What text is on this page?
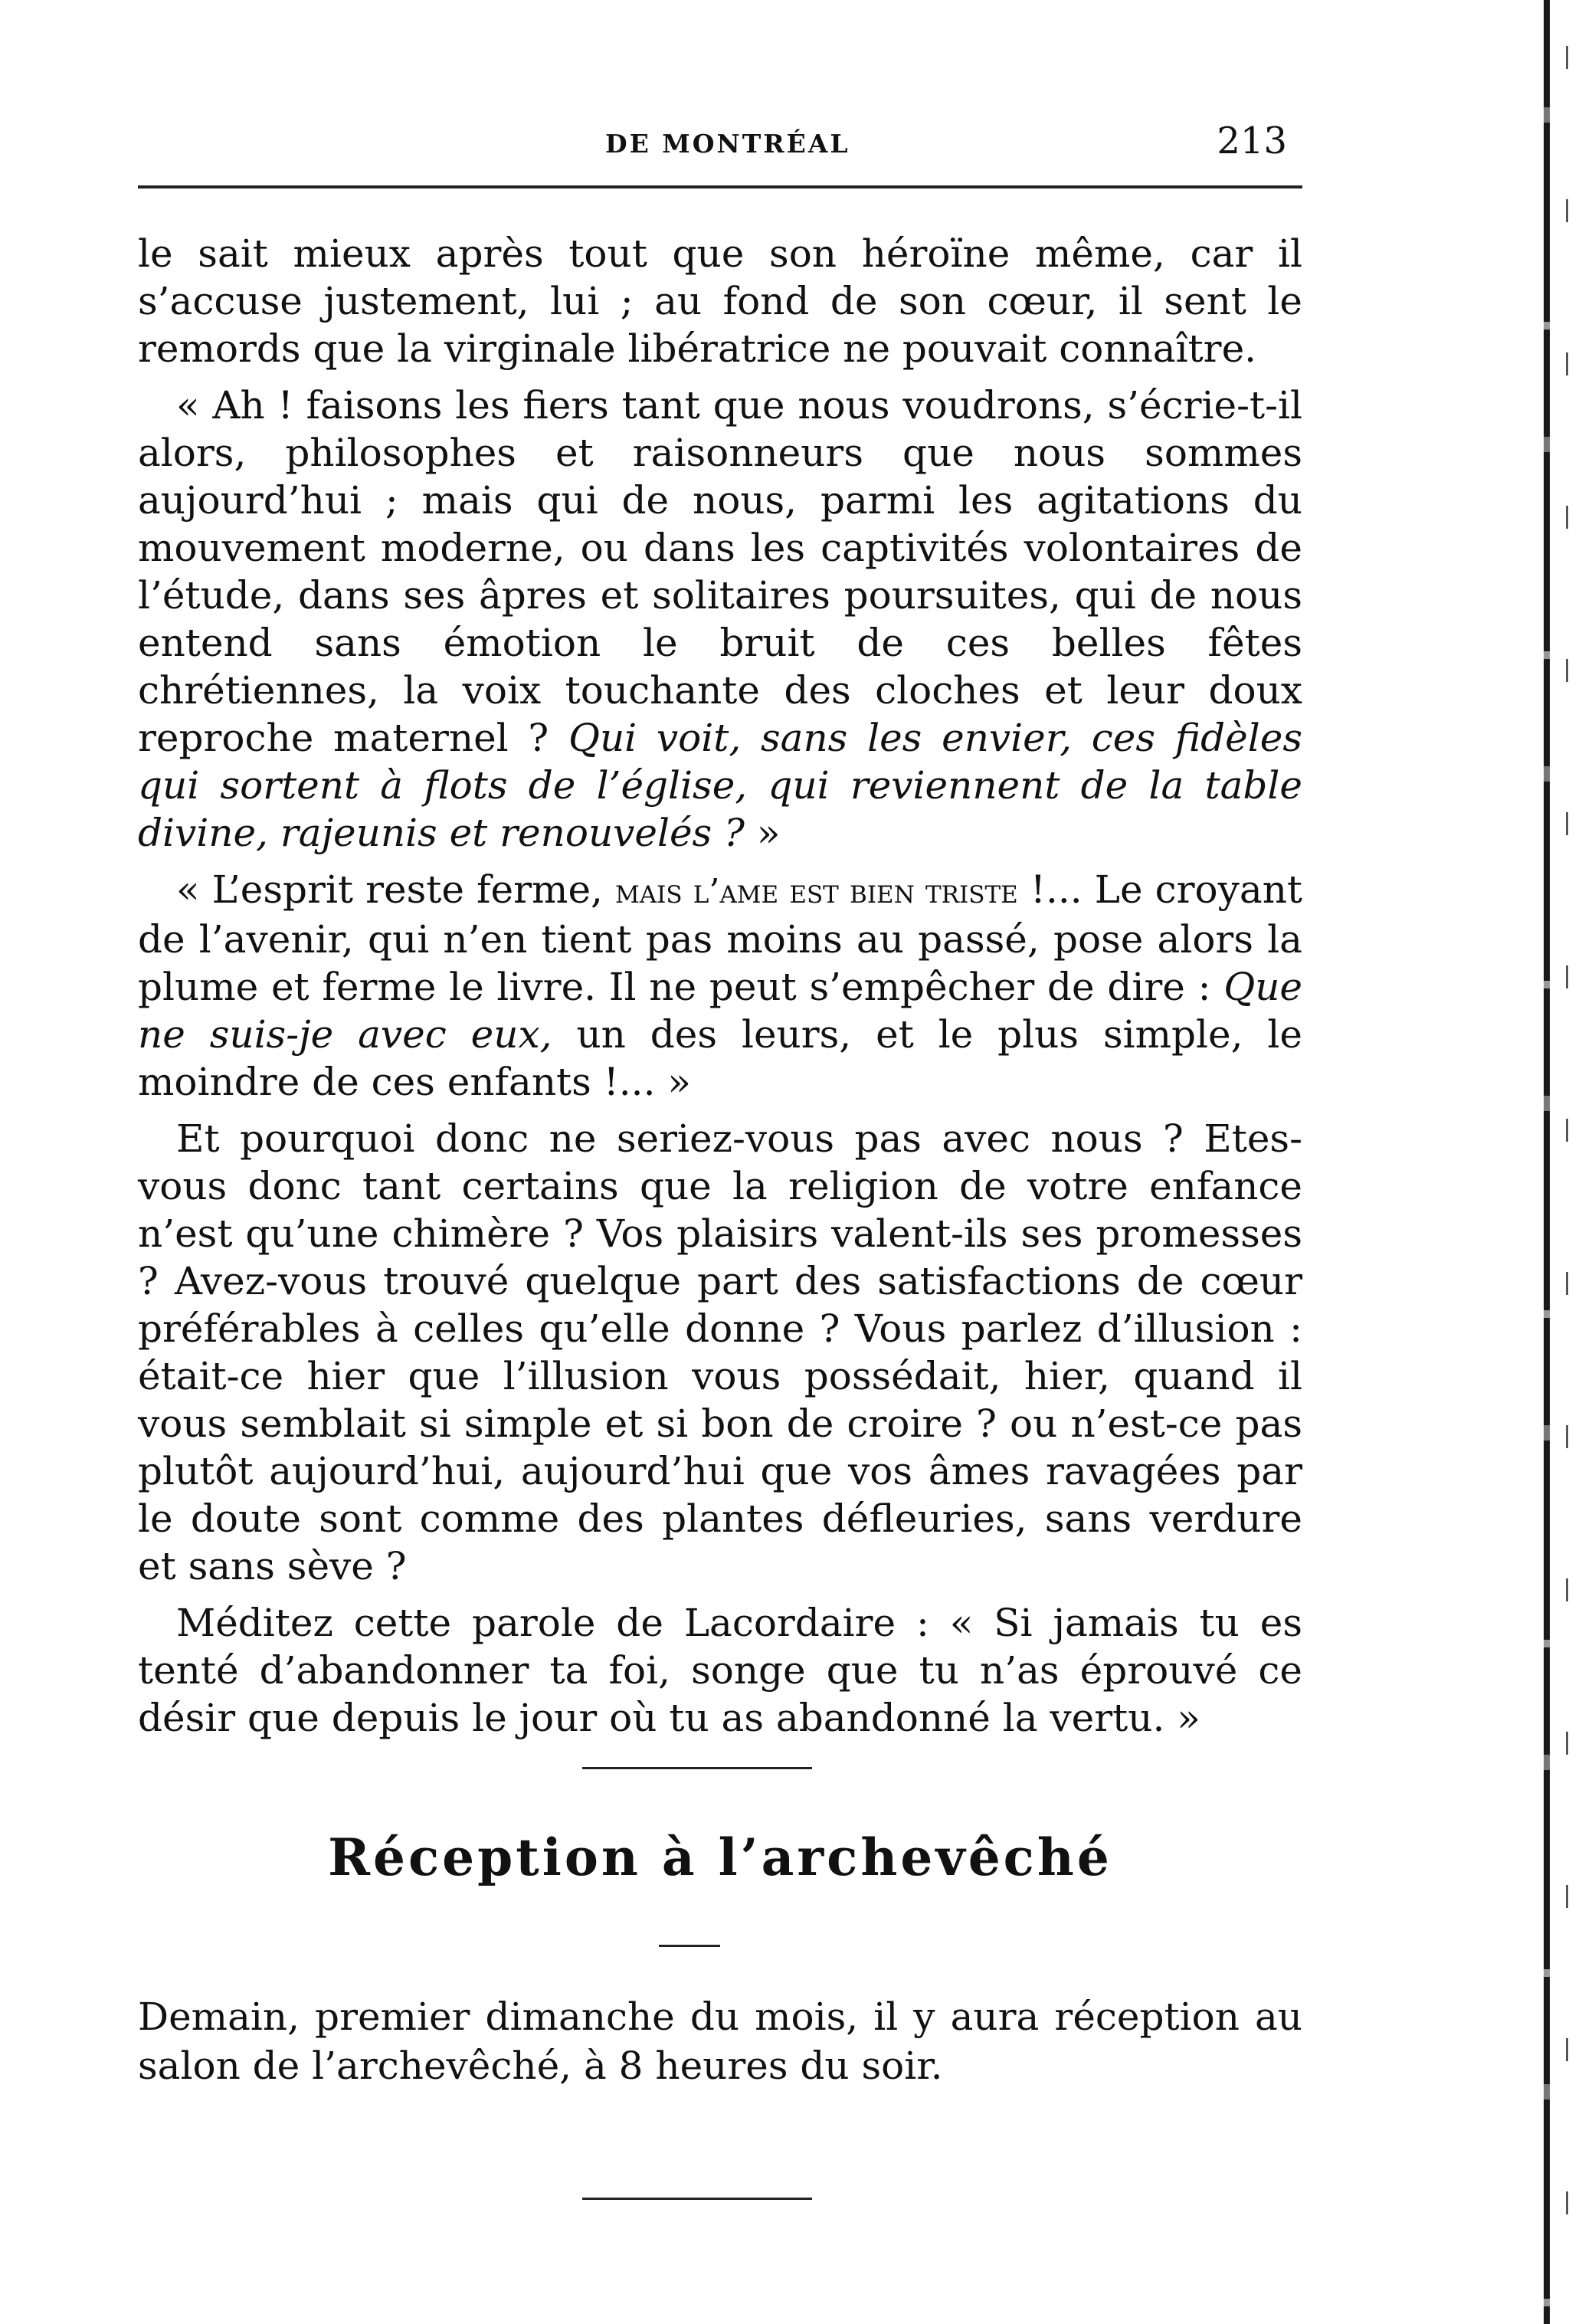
DE MONTRÉAL	213

le sait mieux après tout que son héroïne même, car il s’accuse justement, lui ; au fond de son cœur, il sent le remords que la virginale libératrice ne pouvait connaître.

« Ah ! faisons les fiers tant que nous voudrons, s’écrie-t-il alors, philosophes et raisonneurs que nous sommes aujourd’hui ; mais qui de nous, parmi les agitations du mouvement moderne, ou dans les captivités volontaires de l’étude, dans ses âpres et solitaires poursuites, qui de nous entend sans émotion le bruit de ces belles fêtes chrétiennes, la voix touchante des cloches et leur doux reproche maternel ? Qui voit, sans les envier, ces fidèles qui sortent à flots de l’église, qui reviennent de la table divine, rajeunis et renouvelés ? »

« L’esprit reste ferme, mais l’ame est bien triste !... Le croyant de l’avenir, qui n’en tient pas moins au passé, pose alors la plume et ferme le livre. Il ne peut s’empêcher de dire : Que ne suis-je avec eux, un des leurs, et le plus simple, le moindre de ces enfants !... »

Et pourquoi donc ne seriez-vous pas avec nous ? Etes-vous donc tant certains que la religion de votre enfance n’est qu’une chimère ? Vos plaisirs valent-ils ses promesses ? Avez-vous trouvé quelque part des satisfactions de cœur préférables à celles qu’elle donne ? Vous parlez d’illusion : était-ce hier que l’illusion vous possédait, hier, quand il vous semblait si simple et si bon de croire ? ou n’est-ce pas plutôt aujourd’hui, aujourd’hui que vos âmes ravagées par le doute sont comme des plantes défleuries, sans verdure et sans sève ?

Méditez cette parole de Lacordaire : « Si jamais tu es tenté d’abandonner ta foi, songe que tu n’as éprouvé ce désir que depuis le jour où tu as abandonné la vertu. »

Réception à l’archevêché
Demain, premier dimanche du mois, il y aura réception au salon de l’archevêché, à 8 heures du soir.
